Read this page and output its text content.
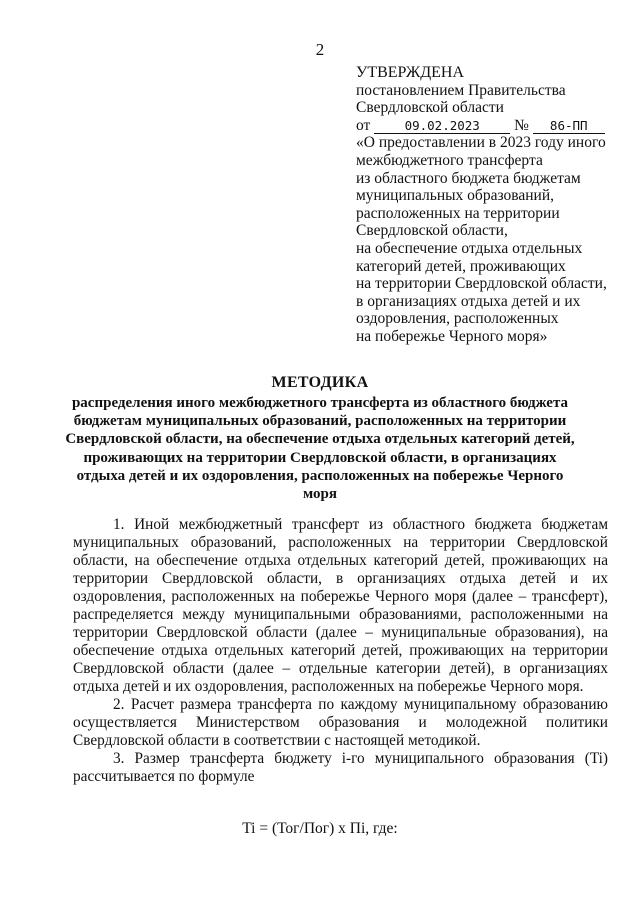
2
УТВЕРЖДЕНА
постановлением Правительства
Свердловской области
от	09.02.2023 № 86-ПП
«О предоставлении в 2023 году иного
межбюджетного трансферта
из областного бюджета бюджетам
муниципальных образований,
расположенных на территории
Свердловской области,
на обеспечение отдыха отдельных
категорий детей, проживающих
на территории Свердловской области,
в организациях отдыха детей и их
оздоровления, расположенных
на побережье Черного моря»
МЕТОДИКА
распределения иного межбюджетного трансферта из областного бюджета бюджетам муниципальных образований, расположенных на территории Свердловской области, на обеспечение отдыха отдельных категорий детей, проживающих на территории Свердловской области, в организациях отдыха детей и их оздоровления, расположенных на побережье Черного моря

1. Иной межбюджетный трансферт из областного бюджета бюджетам муниципальных образований, расположенных на территории Свердловской области, на обеспечение отдыха отдельных категорий детей, проживающих на территории Свердловской области, в организациях отдыха детей и их оздоровления, расположенных на побережье Черного моря (далее – трансферт), распределяется между муниципальными образованиями, расположенными на территории Свердловской области (далее – муниципальные образования), на обеспечение отдыха отдельных категорий детей, проживающих на территории Свердловской области (далее – отдельные категории детей), в организациях отдыха детей и их оздоровления, расположенных на побережье Черного моря.

2. Расчет размера трансферта по каждому муниципальному образованию осуществляется Министерством образования и молодежной политики Свердловской области в соответствии с настоящей методикой.

3. Размер трансферта бюджету i-го муниципального образования (Ti) рассчитывается по формуле

Ti = (Тог/Пог) x Пi, где:
